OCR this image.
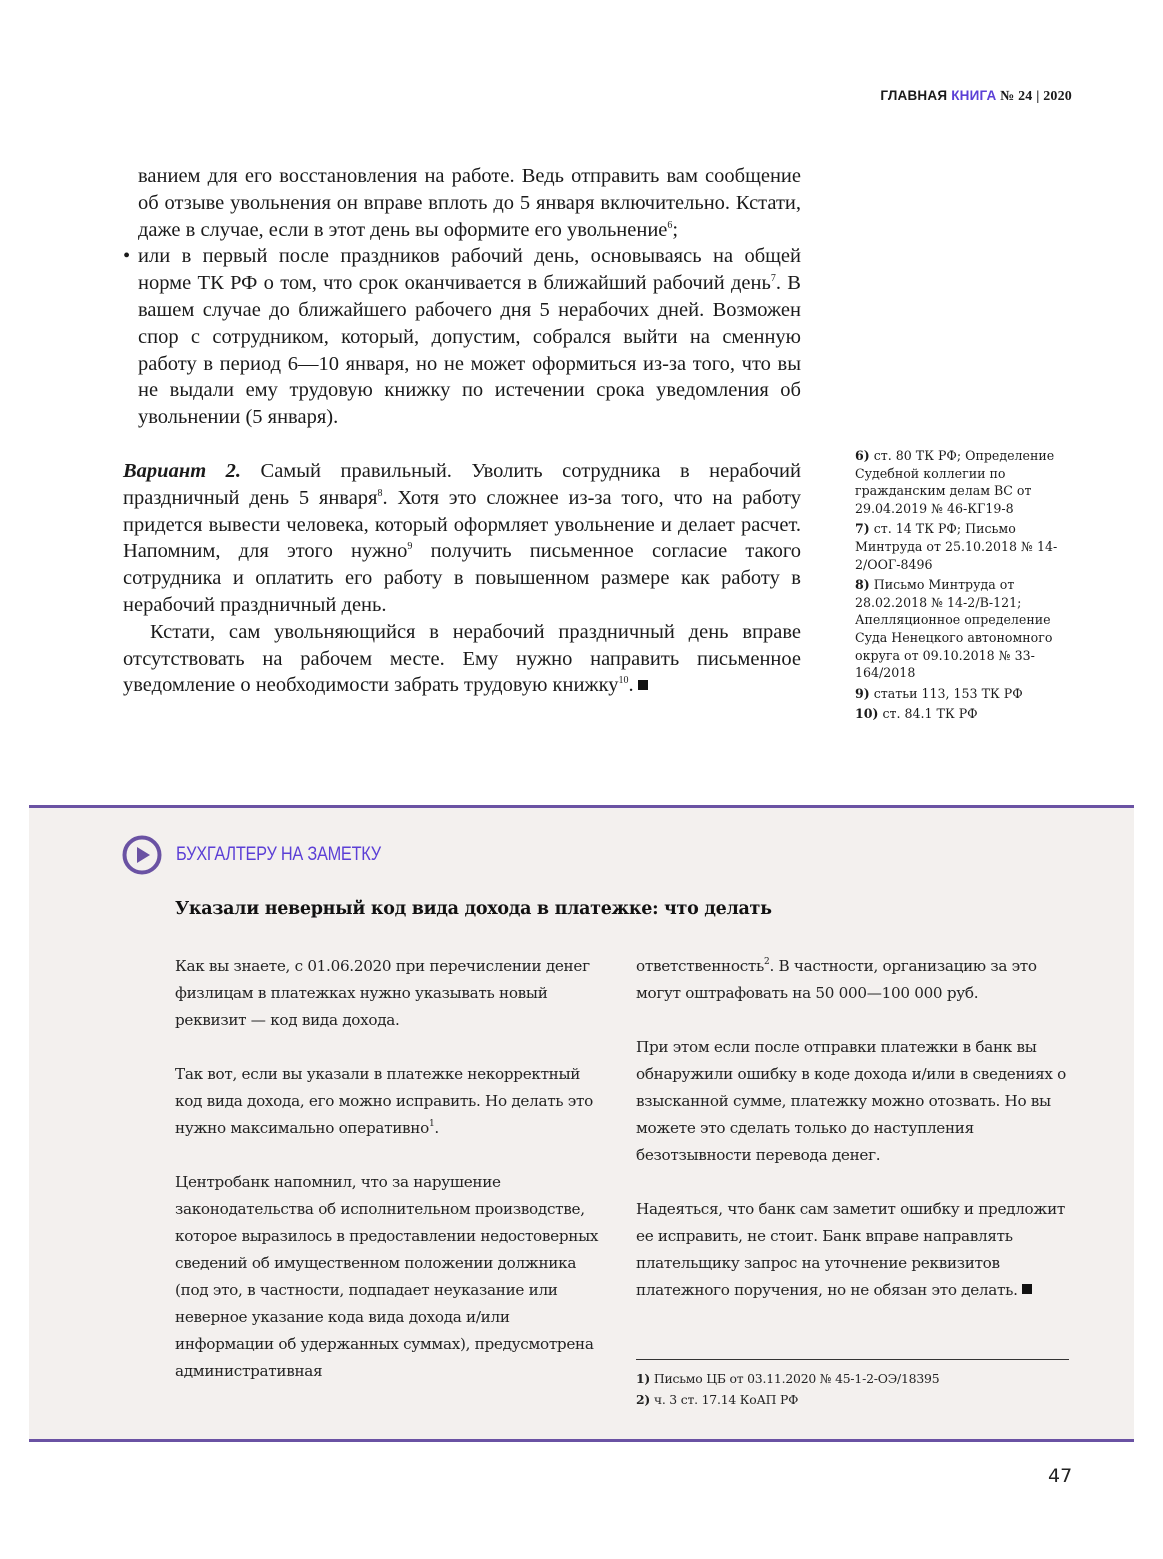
ГЛАВНАЯ КНИГА № 24 | 2020

ванием для его восстановления на работе. Ведь отправить вам сообщение об отзыве увольнения он вправе вплоть до 5 января включительно. Кстати, даже в случае, если в этот день вы оформите его увольнение$^6$;

• или в первый после праздников рабочий день, основываясь на общей норме ТК РФ о том, что срок оканчивается в ближайший рабочий день$^7$. В вашем случае до ближайшего рабочего дня 5 нерабочих дней. Возможен спор с сотрудником, который, допустим, собрался выйти на сменную работу в период 6—10 января, но не может оформиться из-за того, что вы не выдали ему трудовую книжку по истечении срока уведомления об увольнении (5 января).

Вариант 2. Самый правильный. Уволить сотрудника в нерабочий праздничный день 5 января$^8$. Хотя это сложнее из-за того, что на работу придется вывести человека, который оформляет увольнение и делает расчет. Напомним, для этого нужно$^9$ получить письменное согласие такого сотрудника и оплатить его работу в повышенном размере как работу в нерабочий праздничный день.

Кстати, сам увольняющийся в нерабочий праздничный день вправе отсутствовать на рабочем месте. Ему нужно направить письменное уведомление о необходимости забрать трудовую книжку$^{10}$.

6) ст. 80 ТК РФ; Определение Судебной коллегии по гражданским делам ВС от 29.04.2019 № 46-КГ19-8
7) ст. 14 ТК РФ; Письмо Минтруда от 25.10.2018 № 14-2/ООГ-8496
8) Письмо Минтруда от 28.02.2018 № 14-2/В-121; Апелляционное определение Суда Ненецкого автономного округа от 09.10.2018 № 33-164/2018
9) статьи 113, 153 ТК РФ
10) ст. 84.1 ТК РФ
БУХГАЛТЕРУ НА ЗАМЕТКУ
Указали неверный код вида дохода в платежке: что делать

Как вы знаете, с 01.06.2020 при перечислении денег физлицам в платежках нужно указывать новый реквизит — код вида дохода.

Так вот, если вы указали в платежке некорректный код вида дохода, его можно исправить. Но делать это нужно максимально оперативно$^1$.

Центробанк напомнил, что за нарушение законодательства об исполнительном производстве, которое выразилось в предоставлении недостоверных сведений об имущественном положении должника (под это, в частности, подпадает неуказание или неверное указание кода вида дохода и/или информации об удержанных суммах), предусмотрена административная

ответственность$^2$. В частности, организацию за это могут оштрафовать на 50 000—100 000 руб.

При этом если после отправки платежки в банк вы обнаружили ошибку в коде дохода и/или в сведениях о взысканной сумме, платежку можно отозвать. Но вы можете это сделать только до наступления безотзывности перевода денег.

Надеяться, что банк сам заметит ошибку и предложит ее исправить, не стоит. Банк вправе направлять плательщику запрос на уточнение реквизитов платежного поручения, но не обязан это делать.

1) Письмо ЦБ от 03.11.2020 № 45-1-2-ОЭ/18395
2) ч. 3 ст. 17.14 КоАП РФ
47
